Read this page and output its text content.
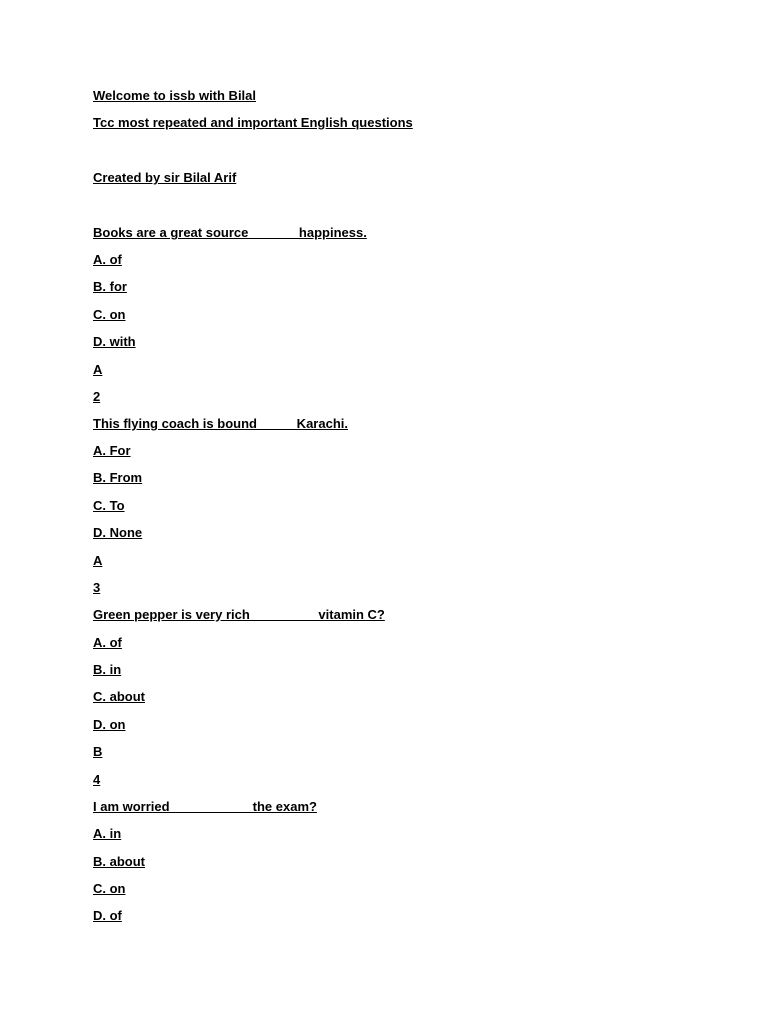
Welcome to issb with Bilal
Tcc most repeated and important English questions
Created by sir Bilal Arif
Books are a great source              happiness.
A. of
B. for
C. on
D. with
A
2
This flying coach is bound           Karachi.
A. For
B. From
C. To
D. None
A
3
Green pepper is very rich                   vitamin C?
A. of
B. in
C. about
D. on
B
4
I am worried                       the exam?
A. in
B. about
C. on
D. of
